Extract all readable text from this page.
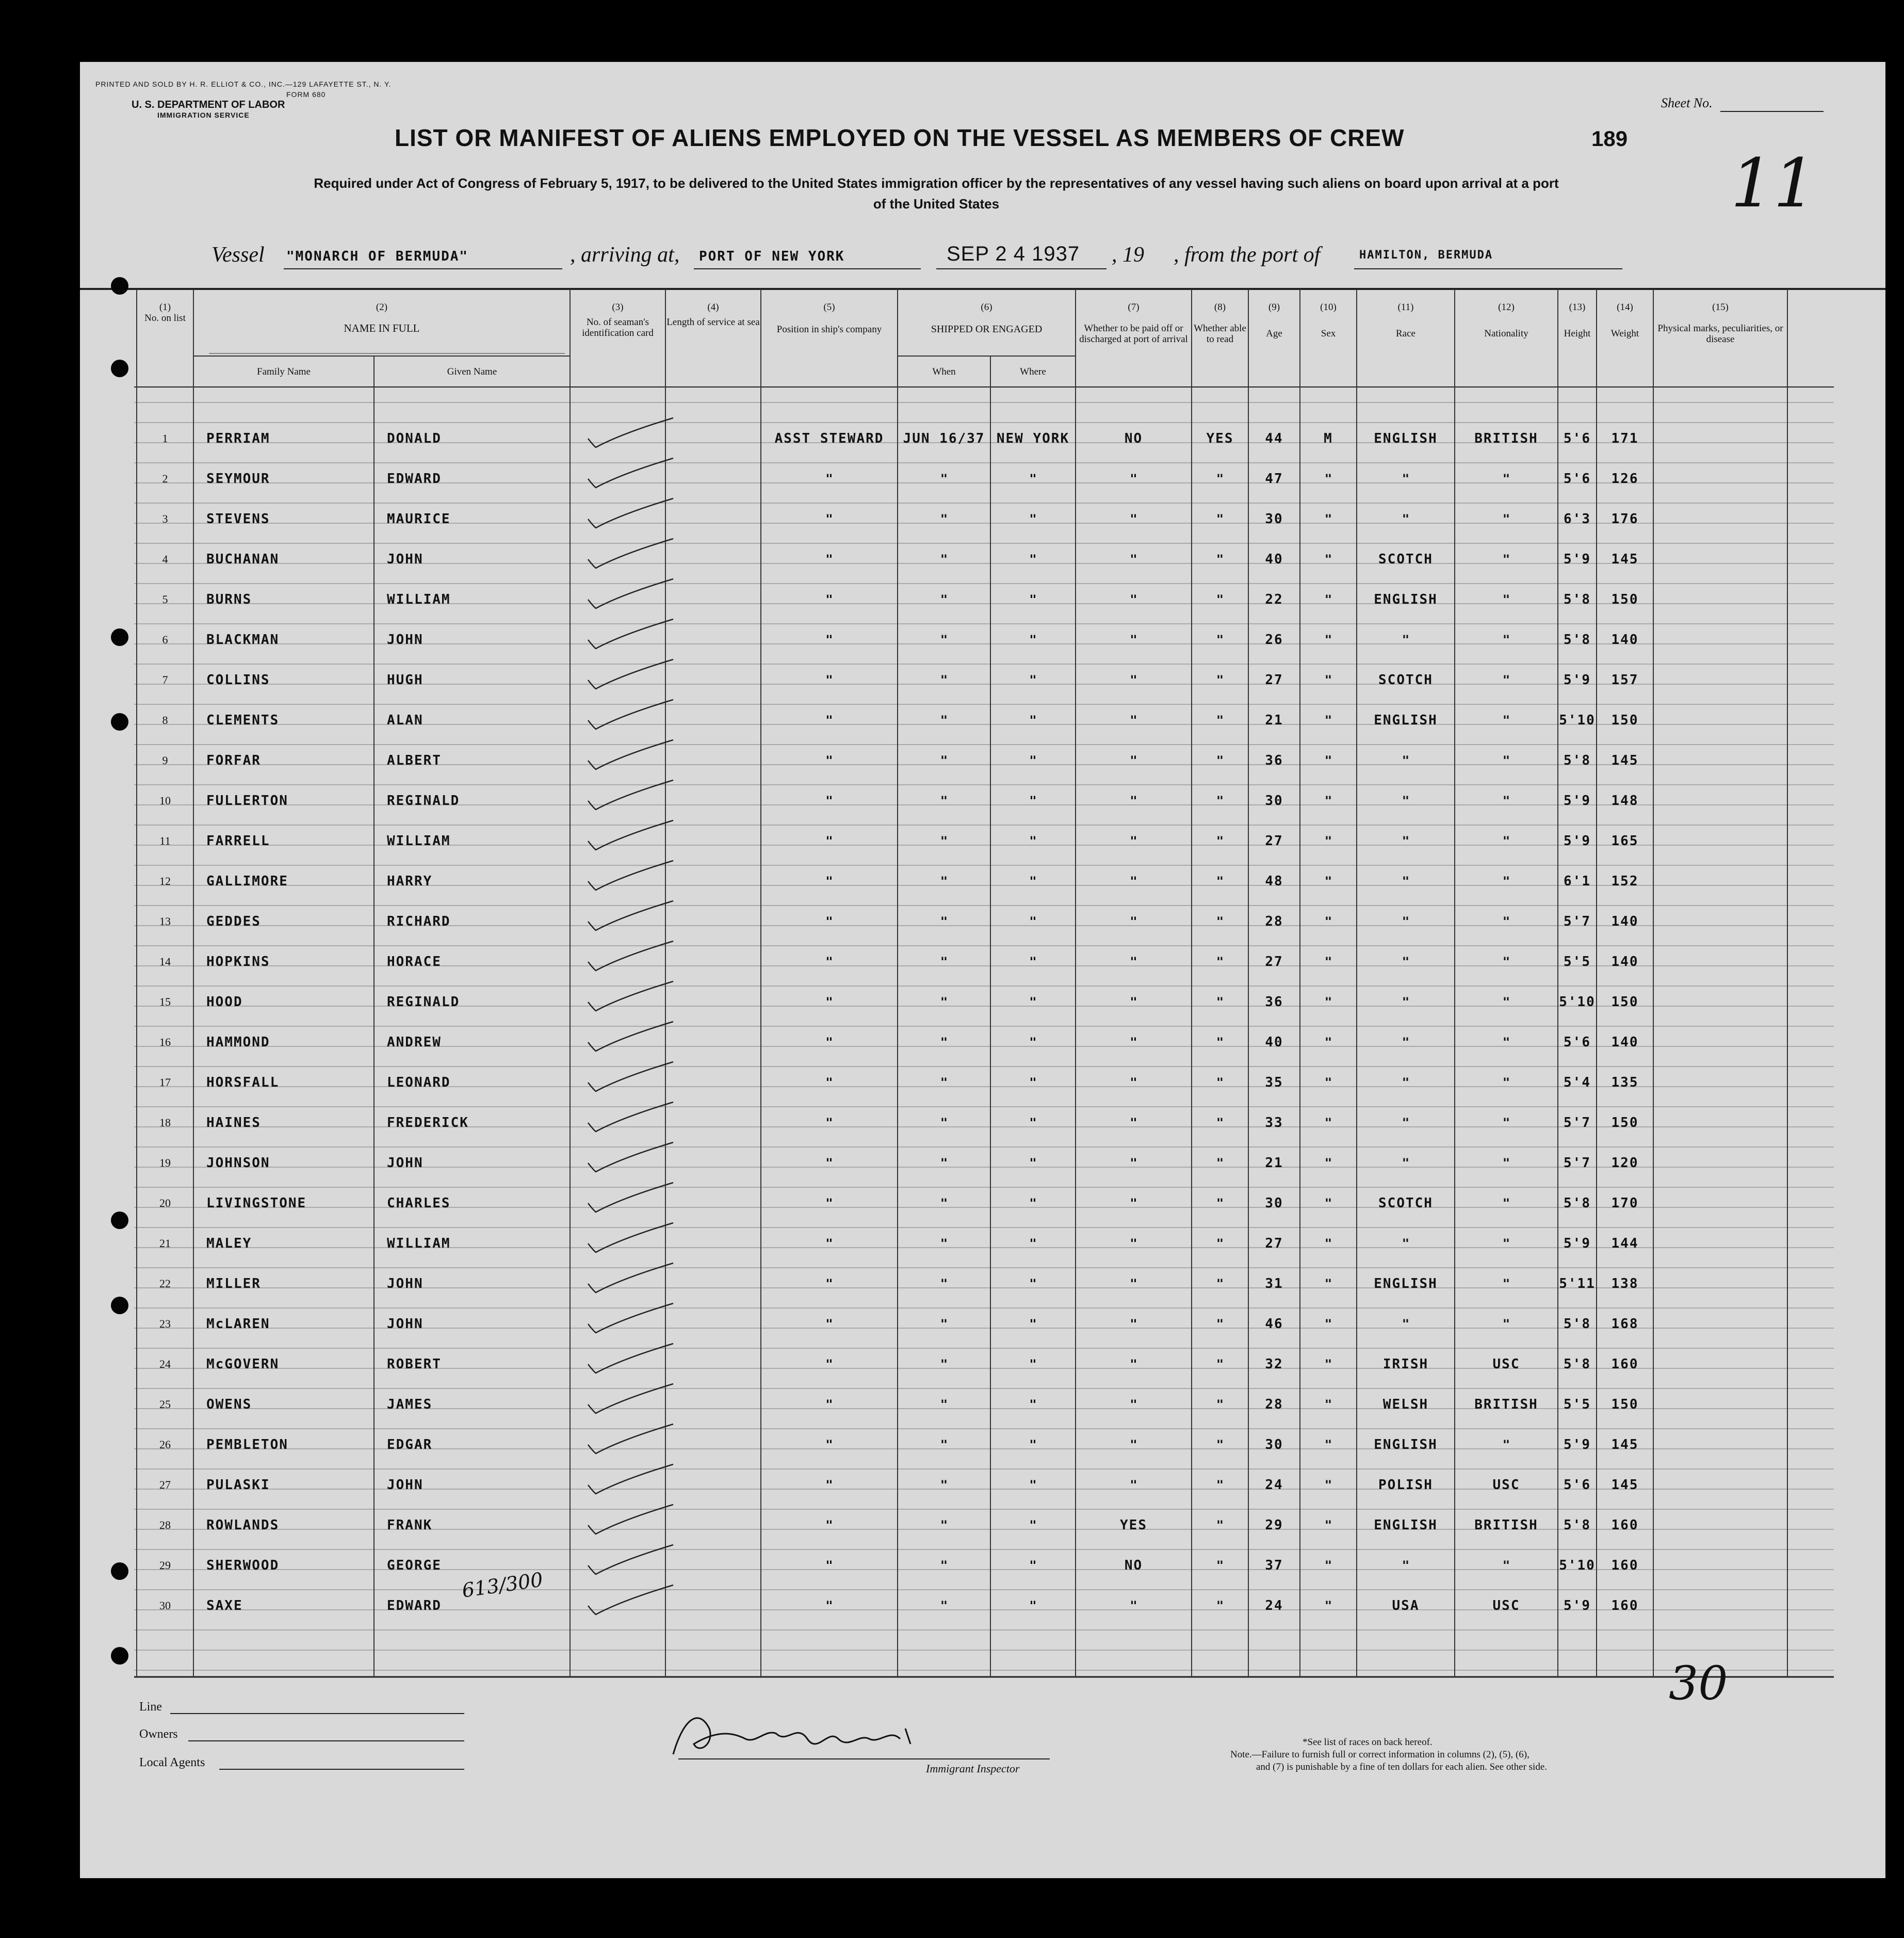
PRINTED AND SOLD BY H. R. ELLIOT & CO., INC.—129 LAFAYETTE ST., N. Y.
FORM 680
U. S. DEPARTMENT OF LABOR
IMMIGRATION SERVICE
Sheet No.
LIST OR MANIFEST OF ALIENS EMPLOYED ON THE VESSEL AS MEMBERS OF CREW	189
11
Required under Act of Congress of February 5, 1917, to be delivered to the United States immigration officer by the representatives of any vessel having such aliens on board upon arrival at a port
of the United States
Vessel "MONARCH OF BERMUDA"	, arriving at, PORT OF NEW YORK	SEP 2 4 1937 , 19 , from the port of	HAMILTON, BERMUDA
(1)
No. on list
(2)
NAME IN FULL
Family Name	Given Name
(3)
No. of seaman's identification card
(4)
Length of service at sea
(5)
Position in ship's company
(6)
SHIPPED OR ENGAGED
When	Where
(7)
Whether to be paid off or discharged at port of arrival
(8)
Whether able to read
(9)
Age
(10)
Sex
(11)
Race
(12)
Nationality
(13)
Height
(14)
Weight
(15)
Physical marks, peculiarities, or disease
1	PERRIAM	DONALD	ASST STEWARD	JUN 16/37 NEW YORK	NO	YES	44	M	ENGLISH	BRITISH	5'6	171
2	SEYMOUR	EDWARD	"	"	"	"	"	47	"	"	"	5'6	126
3	STEVENS	MAURICE	"	"	"	"	"	30	"	"	"	6'3	176
4	BUCHANAN	JOHN	"	"	"	"	"	40	"	SCOTCH	"	5'9	145
5	BURNS	WILLIAM	"	"	"	"	"	22	"	ENGLISH	"	5'8	150
6	BLACKMAN	JOHN	"	"	"	"	"	26	"	"	"	5'8	140
7	COLLINS	HUGH	"	"	"	"	"	27	"	SCOTCH	"	5'9	157
8	CLEMENTS	ALAN	"	"	"	"	"	21	"	ENGLISH	"	5'10	150
9	FORFAR	ALBERT	"	"	"	"	"	36	"	"	"	5'8	145
10	FULLERTON	REGINALD	"	"	"	"	"	30	"	"	"	5'9	148
11	FARRELL	WILLIAM	"	"	"	"	"	27	"	"	"	5'9	165
12	GALLIMORE	HARRY	"	"	"	"	"	48	"	"	"	6'1	152
13	GEDDES	RICHARD	"	"	"	"	"	28	"	"	"	5'7	140
14	HOPKINS	HORACE	"	"	"	"	"	27	"	"	"	5'5	140
15	HOOD	REGINALD	"	"	"	"	"	36	"	"	"	5'10	150
16	HAMMOND	ANDREW	"	"	"	"	"	40	"	"	"	5'6	140
17	HORSFALL	LEONARD	"	"	"	"	"	35	"	"	"	5'4	135
18	HAINES	FREDERICK	"	"	"	"	"	33	"	"	"	5'7	150
19	JOHNSON	JOHN	"	"	"	"	"	21	"	"	"	5'7	120
20	LIVINGSTONE	CHARLES	"	"	"	"	"	30	"	SCOTCH	"	5'8	170
21	MALEY	WILLIAM	"	"	"	"	"	27	"	"	"	5'9	144
22	MILLER	JOHN	"	"	"	"	"	31	"	ENGLISH	"	5'11	138
23	McLAREN	JOHN	"	"	"	"	"	46	"	"	"	5'8	168
24	McGOVERN	ROBERT	"	"	"	"	"	32	"	IRISH	USC	5'8	160
25	OWENS	JAMES	"	"	"	"	"	28	"	WELSH	BRITISH	5'5	150
26	PEMBLETON	EDGAR	"	"	"	"	"	30	"	ENGLISH	"	5'9	145
27	PULASKI	JOHN	"	"	"	"	"	24	"	POLISH	USC	5'6	145
28	ROWLANDS	FRANK	"	"	"	YES	"	29	"	ENGLISH	BRITISH	5'8	160
29	SHERWOOD	GEORGE	"	"	"	NO	"	37	"	"	"	5'10	160
30	SAXE	EDWARD	"	"	"	"	"	24	"	USA	USC	5'9	160
613/300
30
Line
Owners
Local Agents	Immigrant Inspector
*See list of races on back hereof.
Note.—Failure to furnish full or correct information in columns (2), (5), (6),
and (7) is punishable by a fine of ten dollars for each alien. See other side.
